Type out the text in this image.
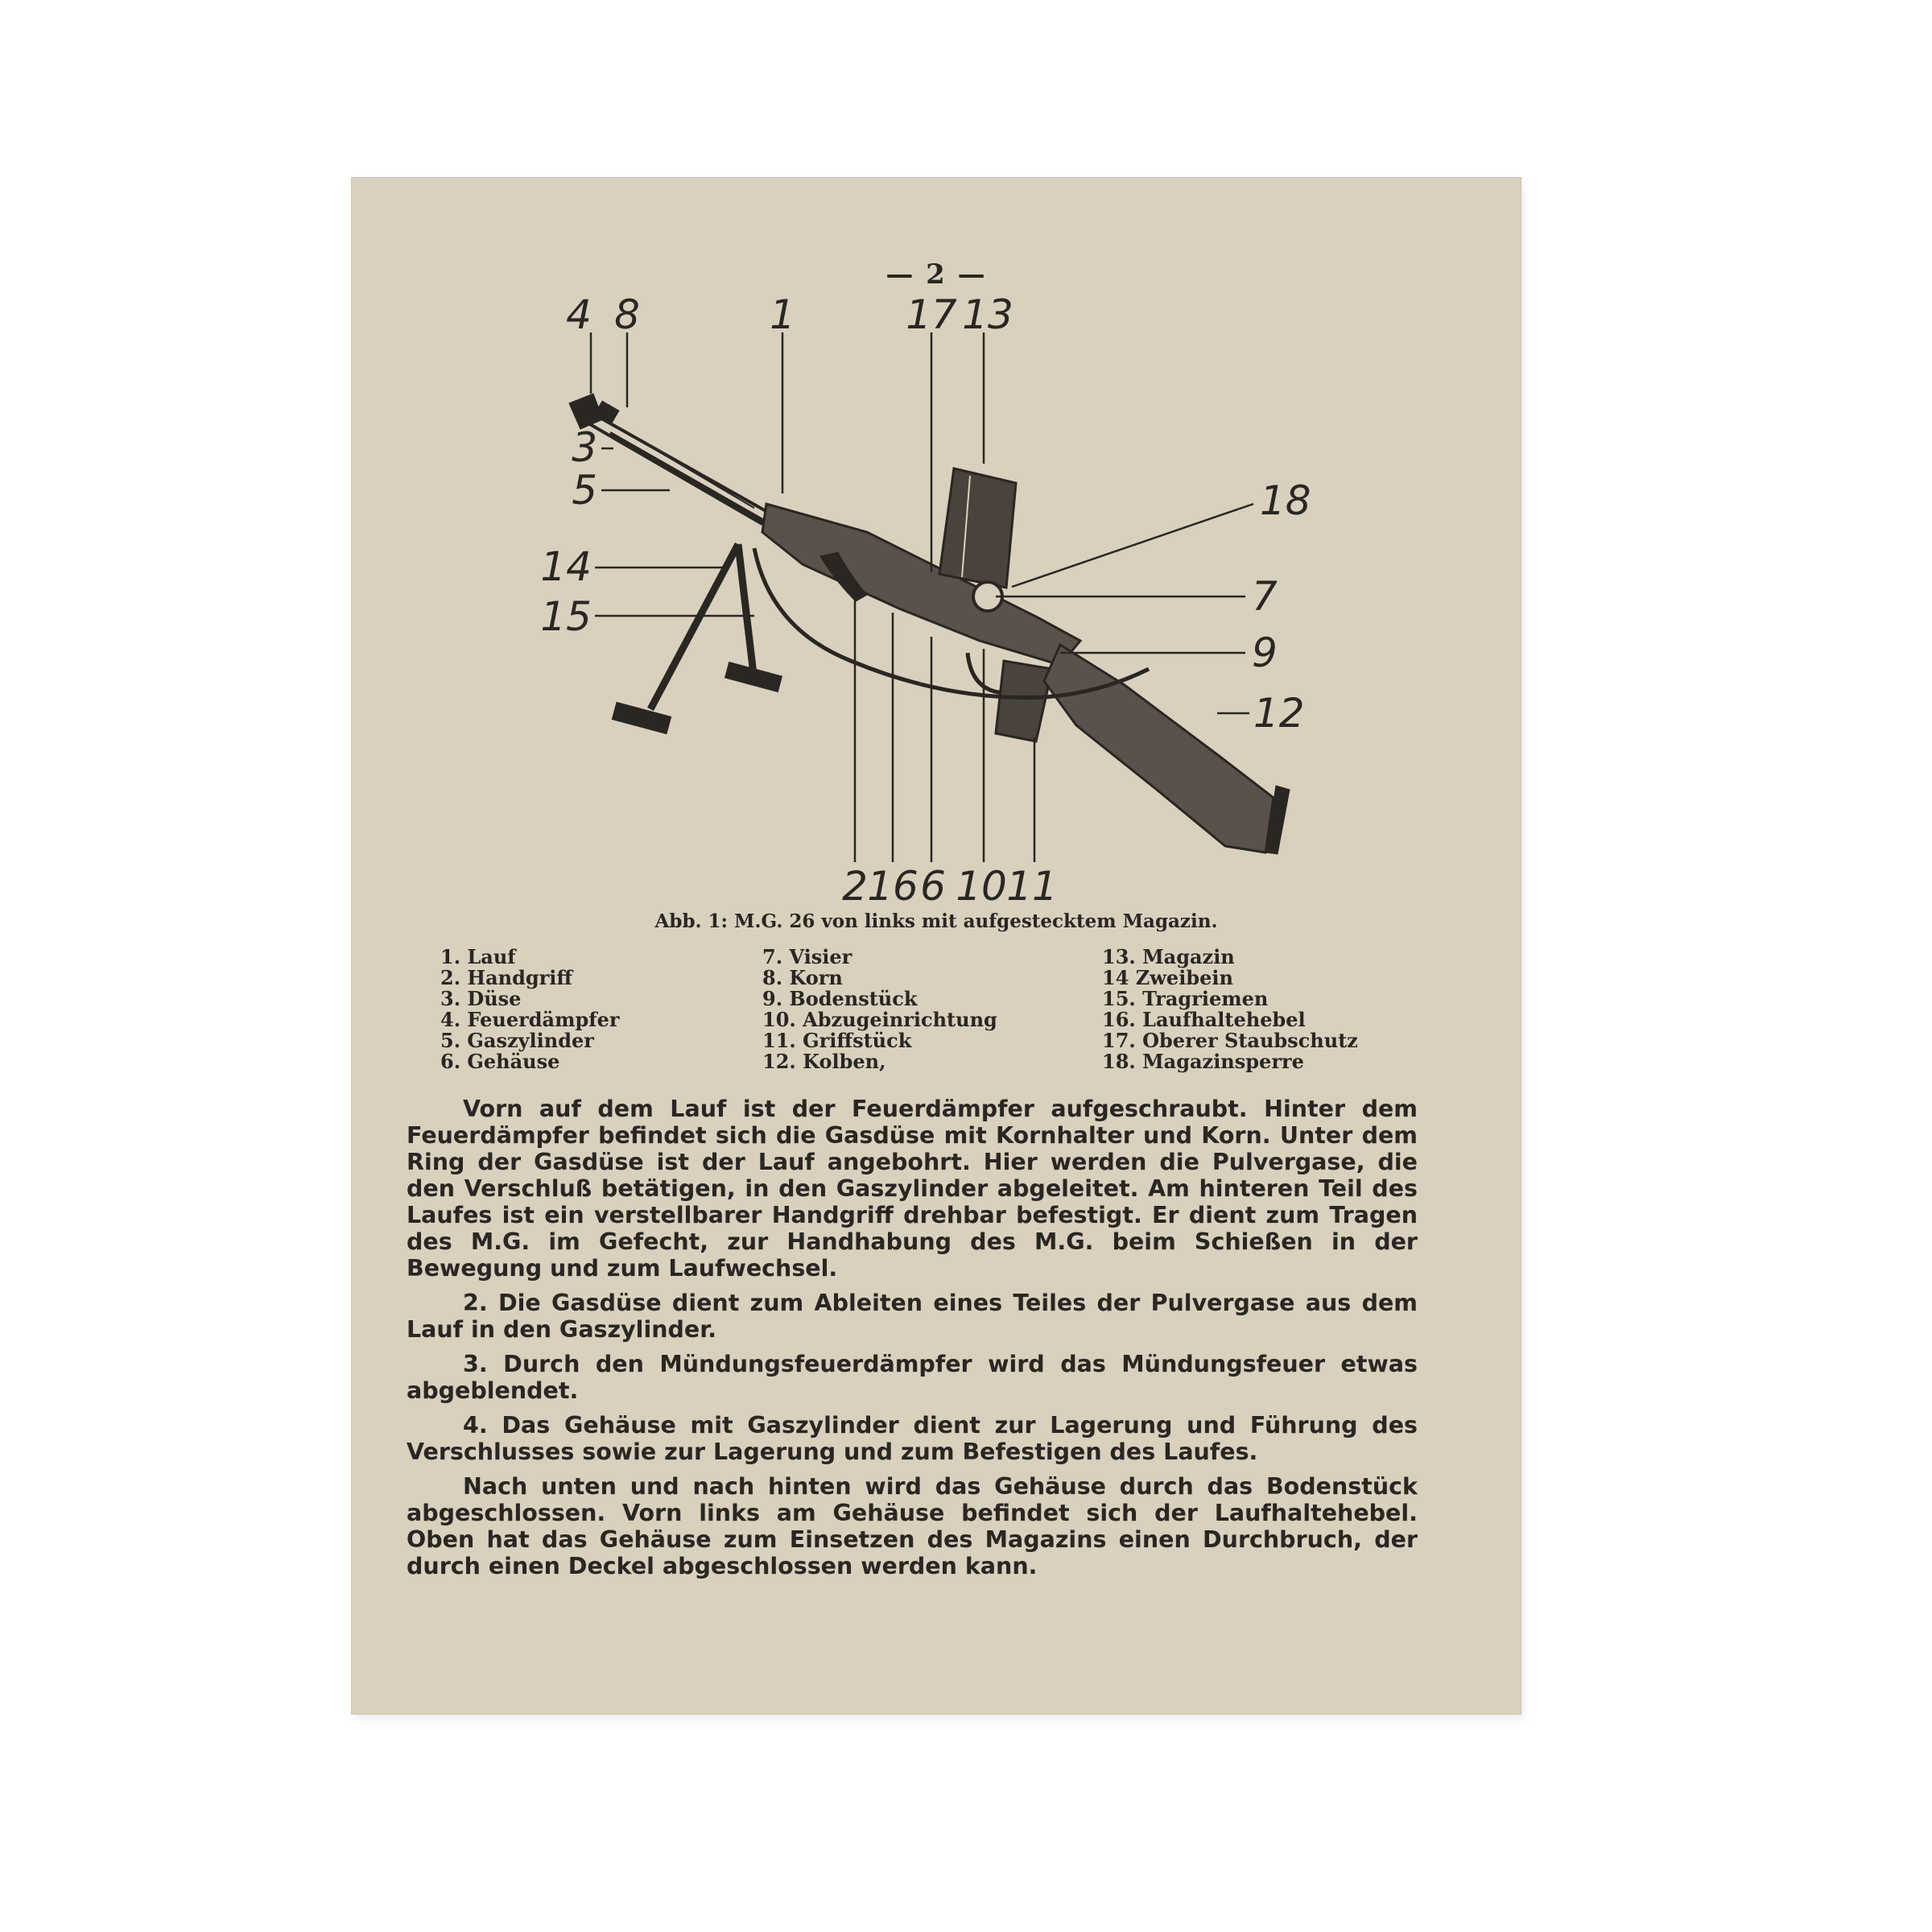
— 2 —
4 8	1	17 13
3
5
14
15
18
7
9
12
2 16 6 10 11
Abb. 1: M.G. 26 von links mit aufgestecktem Magazin.
1. Lauf
2. Handgriff
3. Düse
4. Feuerdämpfer
5. Gaszylinder
6. Gehäuse
7. Visier
8. Korn
9. Bodenstück
10. Abzugeinrichtung
11. Griffstück
12. Kolben,
13. Magazin
14 Zweibein
15. Tragriemen
16. Laufhaltehebel
17. Oberer Staubschutz
18. Magazinsperre

Vorn auf dem Lauf ist der Feuerdämpfer aufgeschraubt. Hinter dem Feuerdämpfer befindet sich die Gasdüse mit Kornhalter und Korn. Unter dem Ring der Gasdüse ist der Lauf angebohrt. Hier werden die Pulvergase, die den Verschluß betätigen, in den Gaszylinder abgeleitet. Am hinteren Teil des Laufes ist ein verstellbarer Handgriff drehbar befestigt. Er dient zum Tragen des M.G. im Gefecht, zur Handhabung des M.G. beim Schießen in der Bewegung und zum Laufwechsel.

2. Die Gasdüse dient zum Ableiten eines Teiles der Pulvergase aus dem Lauf in den Gaszylinder.

3. Durch den Mündungsfeuerdämpfer wird das Mündungsfeuer etwas abgeblendet.

4. Das Gehäuse mit Gaszylinder dient zur Lagerung und Führung des Verschlusses sowie zur Lagerung und zum Befestigen des Laufes.

Nach unten und nach hinten wird das Gehäuse durch das Bodenstück abgeschlossen. Vorn links am Gehäuse befindet sich der Laufhaltehebel. Oben hat das Gehäuse zum Einsetzen des Magazins einen Durchbruch, der durch einen Deckel abgeschlossen werden kann.
